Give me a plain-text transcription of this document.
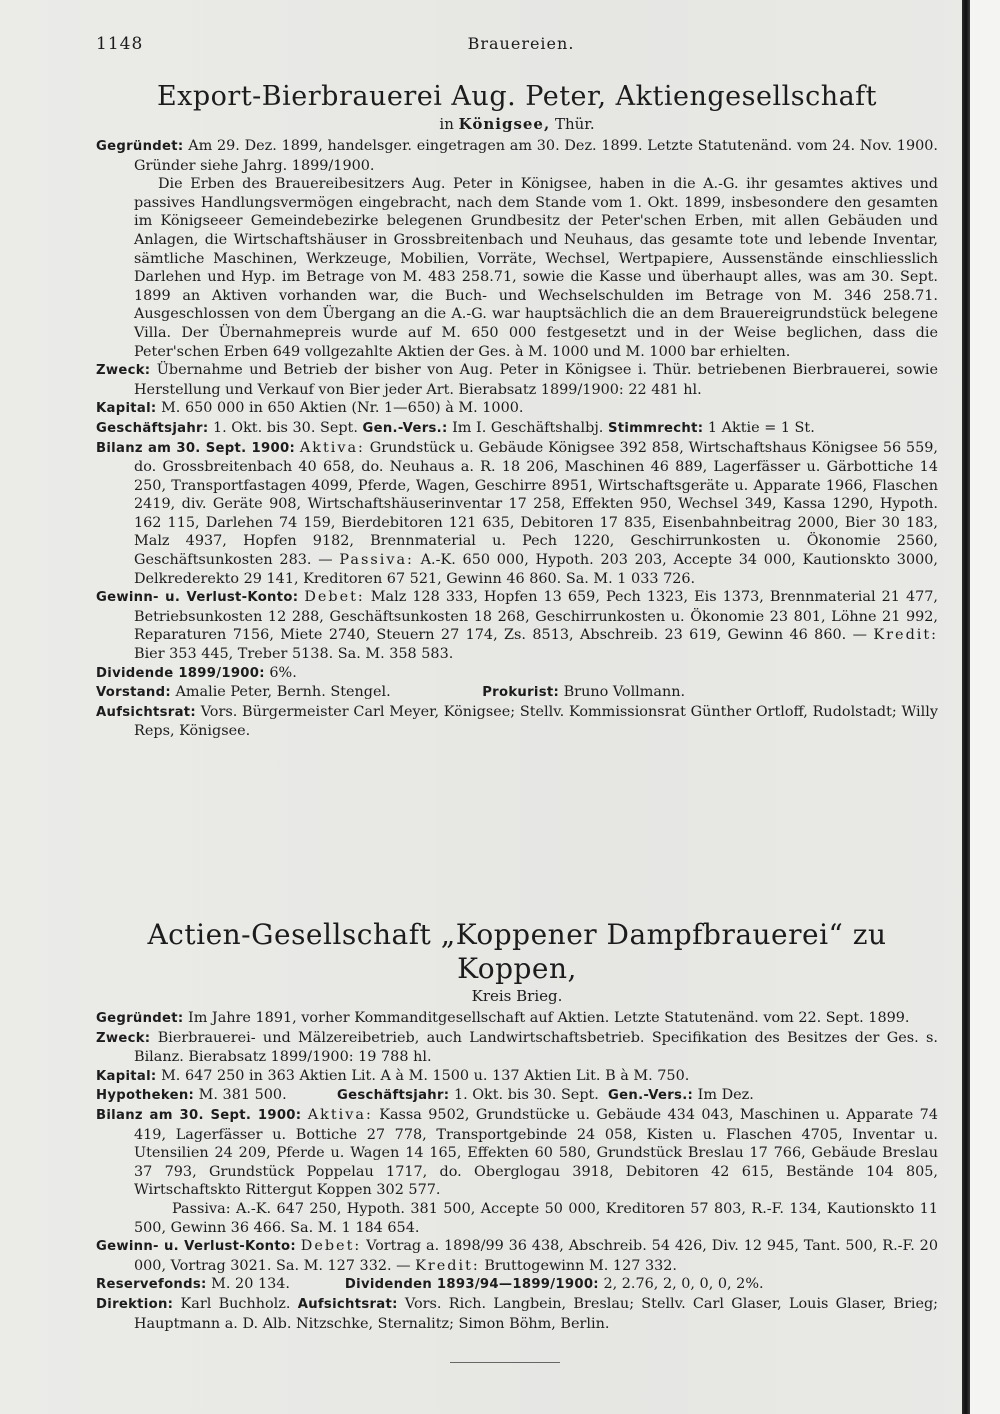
1148	Brauereien.
Export-Bierbrauerei Aug. Peter, Aktiengesellschaft

in Königsee, Thür.

Gegründet: Am 29. Dez. 1899, handelsger. eingetragen am 30. Dez. 1899. Letzte Statutenänd. vom 24. Nov. 1900. Gründer siehe Jahrg. 1899/1900.

Die Erben des Brauereibesitzers Aug. Peter in Königsee, haben in die A.-G. ihr gesamtes aktives und passives Handlungsvermögen eingebracht, nach dem Stande vom 1. Okt. 1899, insbesondere den gesamten im Königseeer Gemeindebezirke belegenen Grundbesitz der Peter'schen Erben, mit allen Gebäuden und Anlagen, die Wirtschaftshäuser in Grossbreitenbach und Neuhaus, das gesamte tote und lebende Inventar, sämtliche Maschinen, Werkzeuge, Mobilien, Vorräte, Wechsel, Wertpapiere, Aussenstände einschliesslich Darlehen und Hyp. im Betrage von M. 483 258.71, sowie die Kasse und überhaupt alles, was am 30. Sept. 1899 an Aktiven vorhanden war, die Buch- und Wechselschulden im Betrage von M. 346 258.71. Ausgeschlossen von dem Übergang an die A.-G. war hauptsächlich die an dem Brauereigrundstück belegene Villa. Der Übernahmepreis wurde auf M. 650 000 festgesetzt und in der Weise beglichen, dass die Peter'schen Erben 649 vollgezahlte Aktien der Ges. à M. 1000 und M. 1000 bar erhielten.

Zweck: Übernahme und Betrieb der bisher von Aug. Peter in Königsee i. Thür. betriebenen Bierbrauerei, sowie Herstellung und Verkauf von Bier jeder Art. Bierabsatz 1899/1900: 22 481 hl.

Kapital: M. 650 000 in 650 Aktien (Nr. 1—650) à M. 1000.

Geschäftsjahr: 1. Okt. bis 30. Sept. Gen.-Vers.: Im I. Geschäftshalbj. Stimmrecht: 1 Aktie = 1 St.

Bilanz am 30. Sept. 1900: Aktiva: Grundstück u. Gebäude Königsee 392 858, Wirtschaftshaus Königsee 56 559, do. Grossbreitenbach 40 658, do. Neuhaus a. R. 18 206, Maschinen 46 889, Lagerfässer u. Gärbottiche 14 250, Transportfastagen 4099, Pferde, Wagen, Geschirre 8951, Wirtschaftsgeräte u. Apparate 1966, Flaschen 2419, div. Geräte 908, Wirtschaftshäuserinventar 17 258, Effekten 950, Wechsel 349, Kassa 1290, Hypoth. 162 115, Darlehen 74 159, Bierdebitoren 121 635, Debitoren 17 835, Eisenbahnbeitrag 2000, Bier 30 183, Malz 4937, Hopfen 9182, Brennmaterial u. Pech 1220, Geschirrunkosten u. Ökonomie 2560, Geschäftsunkosten 283. — Passiva: A.-K. 650 000, Hypoth. 203 203, Accepte 34 000, Kautionskto 3000, Delkrederekto 29 141, Kreditoren 67 521, Gewinn 46 860. Sa. M. 1 033 726.

Gewinn- u. Verlust-Konto: Debet: Malz 128 333, Hopfen 13 659, Pech 1323, Eis 1373, Brennmaterial 21 477, Betriebsunkosten 12 288, Geschäftsunkosten 18 268, Geschirrunkosten u. Ökonomie 23 801, Löhne 21 992, Reparaturen 7156, Miete 2740, Steuern 27 174, Zs. 8513, Abschreib. 23 619, Gewinn 46 860. — Kredit: Bier 353 445, Treber 5138. Sa. M. 358 583.

Dividende 1899/1900: 6%.

Vorstand: Amalie Peter, Bernh. Stengel.	Prokurist: Bruno Vollmann.

Aufsichtsrat: Vors. Bürgermeister Carl Meyer, Königsee; Stellv. Kommissionsrat Günther Ortloff, Rudolstadt; Willy Reps, Königsee.

Actien-Gesellschaft „Koppener Dampfbrauerei“ zu Koppen,

Kreis Brieg.

Gegründet: Im Jahre 1891, vorher Kommanditgesellschaft auf Aktien. Letzte Statutenänd. vom 22. Sept. 1899.

Zweck: Bierbrauerei- und Mälzereibetrieb, auch Landwirtschaftsbetrieb. Specifikation des Besitzes der Ges. s. Bilanz. Bierabsatz 1899/1900: 19 788 hl.

Kapital: M. 647 250 in 363 Aktien Lit. A à M. 1500 u. 137 Aktien Lit. B à M. 750.

Hypotheken: M. 381 500.	Geschäftsjahr: 1. Okt. bis 30. Sept. Gen.-Vers.: Im Dez.

Bilanz am 30. Sept. 1900: Aktiva: Kassa 9502, Grundstücke u. Gebäude 434 043, Maschinen u. Apparate 74 419, Lagerfässer u. Bottiche 27 778, Transportgebinde 24 058, Kisten u. Flaschen 4705, Inventar u. Utensilien 24 209, Pferde u. Wagen 14 165, Effekten 60 580, Grundstück Breslau 17 766, Gebäude Breslau 37 793, Grundstück Poppelau 1717, do. Oberglogau 3918, Debitoren 42 615, Bestände 104 805, Wirtschaftskto Rittergut Koppen 302 577.

Passiva: A.-K. 647 250, Hypoth. 381 500, Accepte 50 000, Kreditoren 57 803, R.-F. 134, Kautionskto 11 500, Gewinn 36 466. Sa. M. 1 184 654.

Gewinn- u. Verlust-Konto: Debet: Vortrag a. 1898/99 36 438, Abschreib. 54 426, Div. 12 945, Tant. 500, R.-F. 20 000, Vortrag 3021. Sa. M. 127 332. — Kredit: Bruttogewinn M. 127 332.

Reservefonds: M. 20 134.	Dividenden 1893/94—1899/1900: 2, 2.76, 2, 0, 0, 0, 2%.

Direktion: Karl Buchholz. Aufsichtsrat: Vors. Rich. Langbein, Breslau; Stellv. Carl Glaser, Louis Glaser, Brieg; Hauptmann a. D. Alb. Nitzschke, Sternalitz; Simon Böhm, Berlin.
